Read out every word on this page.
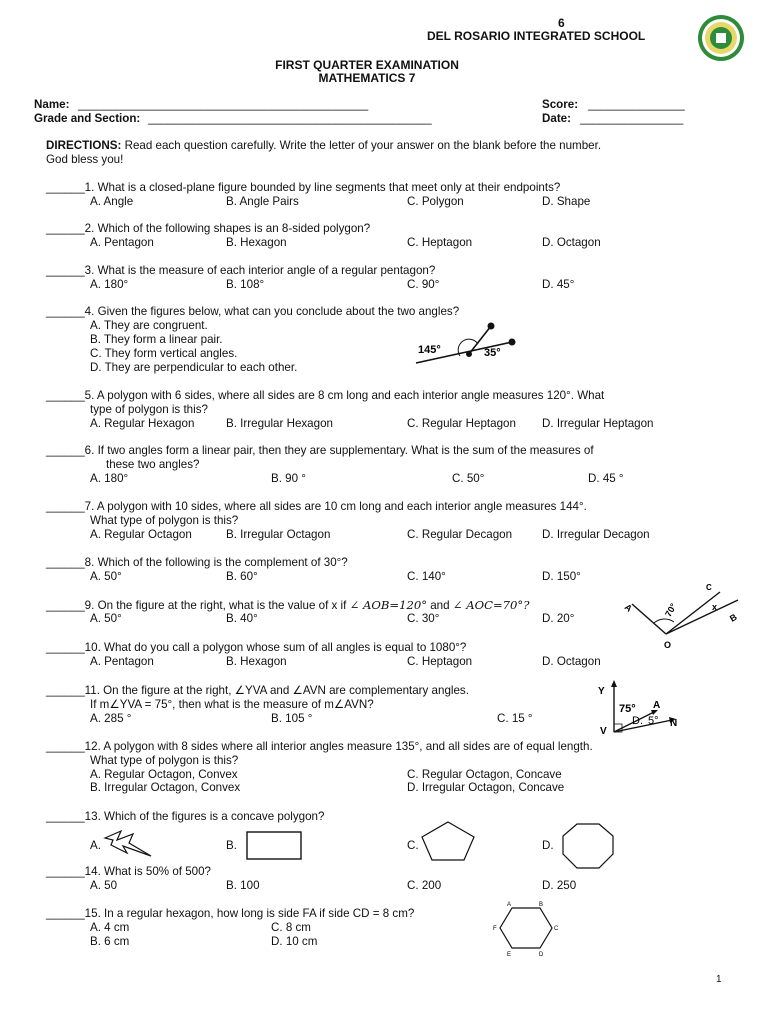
6
DEL ROSARIO INTEGRATED SCHOOL
FIRST QUARTER EXAMINATION
MATHEMATICS 7
Name: _____________________________________________
Grade and Section: ____________________________________________
Score: _______________
Date: ________________
DIRECTIONS: Read each question carefully. Write the letter of your answer on the blank before the number.
God bless you!
______1. What is a closed-plane figure bounded by line segments that meet only at their endpoints?
A. Angle	B. Angle Pairs	C. Polygon	D. Shape
______2. Which of the following shapes is an 8-sided polygon?
A. Pentagon	B. Hexagon	C. Heptagon	D. Octagon
______3. What is the measure of each interior angle of a regular pentagon?
A. 180°	B. 108°	C. 90°	D. 45°
______4. Given the figures below, what can you conclude about the two angles?
A. They are congruent.
B. They form a linear pair.
C. They form vertical angles.
D. They are perpendicular to each other.
145°	35°
______5. A polygon with 6 sides, where all sides are 8 cm long and each interior angle measures 120°. What
type of polygon is this?
A. Regular Hexagon	B. Irregular Hexagon	C. Regular Heptagon D. Irregular Heptagon
______6. If two angles form a linear pair, then they are supplementary. What is the sum of the measures of
these two angles?
A. 180°	B. 90 °	C. 50°	D. 45 °
______7. A polygon with 10 sides, where all sides are 10 cm long and each interior angle measures 144°.
What type of polygon is this?
A. Regular Octagon	B. Irregular Octagon	C. Regular Decagon	D. Irregular Decagon
______8. Which of the following is the complement of 30°?
A. 50°	B. 60°	C. 140°	D. 150°
______9. On the figure at the right, what is the value of x if ∠ AOB=120° and ∠ AOC=70°?
A. 50°	B. 40°	C. 30°	D. 20°
A
B
C
O
x
70°
______10. What do you call a polygon whose sum of all angles is equal to 1080°?
A. Pentagon	B. Hexagon	C. Heptagon	D. Octagon
______11. On the figure at the right, ∠YVA and ∠AVN are complementary angles.
If m∠YVA = 75°, then what is the measure of m∠AVN?
A. 285 °	B. 105 °	C. 15 °
Y
V
A
N
75°
D. 5°
______12. A polygon with 8 sides where all interior angles measure 135°, and all sides are of equal length.
What type of polygon is this?
A. Regular Octagon, Convex	C. Regular Octagon, Concave
B. Irregular Octagon, Convex	D. Irregular Octagon, Concave
______13. Which of the figures is a concave polygon?
A.	B.	C.	D.
______14. What is 50% of 500?
A. 50	B. 100	C. 200	D. 250
______15. In a regular hexagon, how long is side FA if side CD = 8 cm?
A. 4 cm	C. 8 cm
B. 6 cm	D. 10 cm
A	B
C
D
E
F
1
